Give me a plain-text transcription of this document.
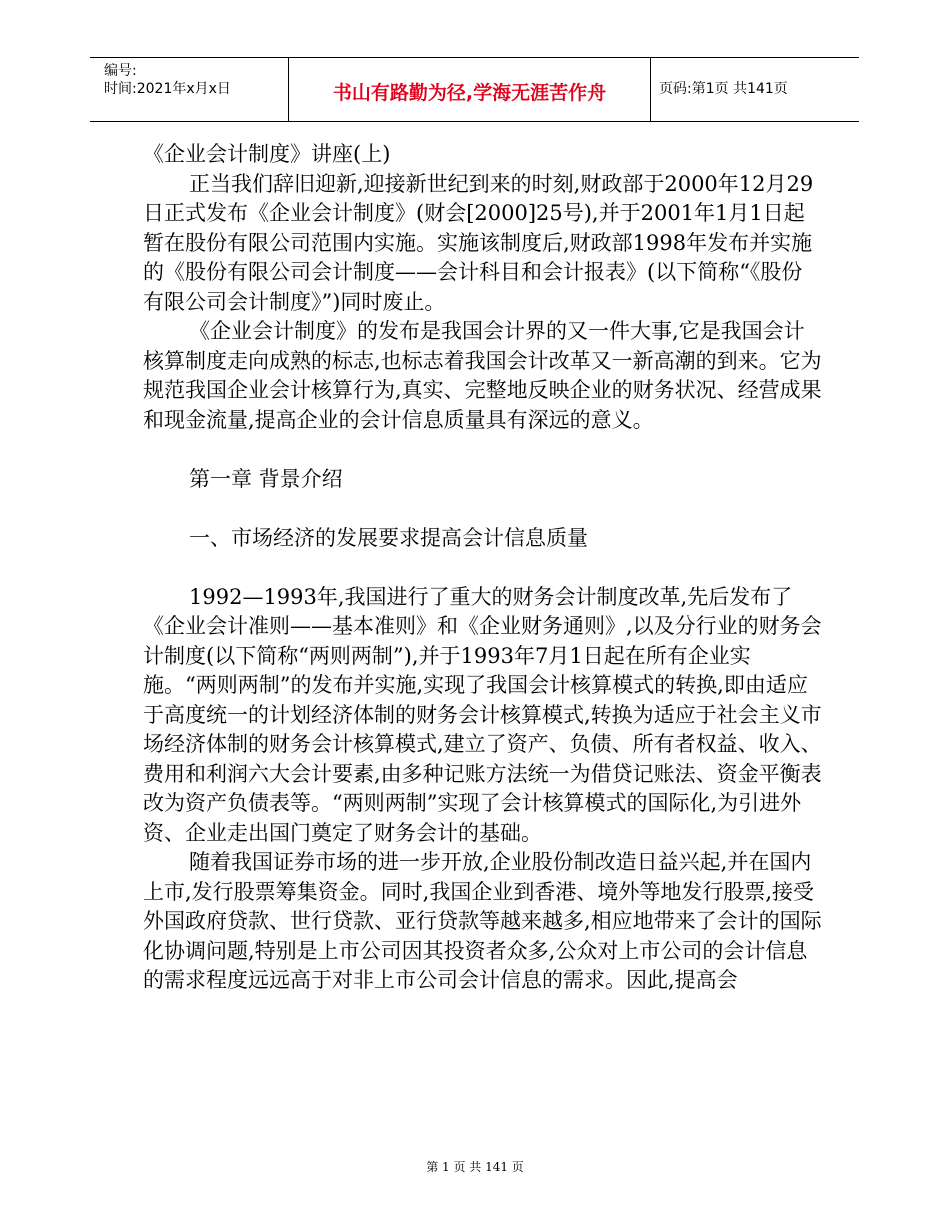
编号:
时间:2021年x月x日	书山有路勤为径,学海无涯苦作舟	页码:第1页 共141页

《企业会计制度》讲座(上)

正当我们辞旧迎新,迎接新世纪到来的时刻,财政部于2000年12月29日正式发布《企业会计制度》(财会[2000]25号),并于2001年1月1日起暂在股份有限公司范围内实施。实施该制度后,财政部1998年发布并实施的《股份有限公司会计制度——会计科目和会计报表》(以下简称“《股份有限公司会计制度》”)同时废止。

《企业会计制度》的发布是我国会计界的又一件大事,它是我国会计核算制度走向成熟的标志,也标志着我国会计改革又一新高潮的到来。它为规范我国企业会计核算行为,真实、完整地反映企业的财务状况、经营成果和现金流量,提高企业的会计信息质量具有深远的意义。

第一章 背景介绍

一、市场经济的发展要求提高会计信息质量

1992—1993年,我国进行了重大的财务会计制度改革,先后发布了《企业会计准则——基本准则》和《企业财务通则》,以及分行业的财务会计制度(以下简称“两则两制”),并于1993年7月1日起在所有企业实施。“两则两制”的发布并实施,实现了我国会计核算模式的转换,即由适应于高度统一的计划经济体制的财务会计核算模式,转换为适应于社会主义市场经济体制的财务会计核算模式,建立了资产、负债、所有者权益、收入、费用和利润六大会计要素,由多种记账方法统一为借贷记账法、资金平衡表改为资产负债表等。“两则两制”实现了会计核算模式的国际化,为引进外资、企业走出国门奠定了财务会计的基础。

随着我国证券市场的进一步开放,企业股份制改造日益兴起,并在国内上市,发行股票筹集资金。同时,我国企业到香港、境外等地发行股票,接受外国政府贷款、世行贷款、亚行贷款等越来越多,相应地带来了会计的国际化协调问题,特别是上市公司因其投资者众多,公众对上市公司的会计信息的需求程度远远高于对非上市公司会计信息的需求。因此,提高会

第 1 页 共 141 页
